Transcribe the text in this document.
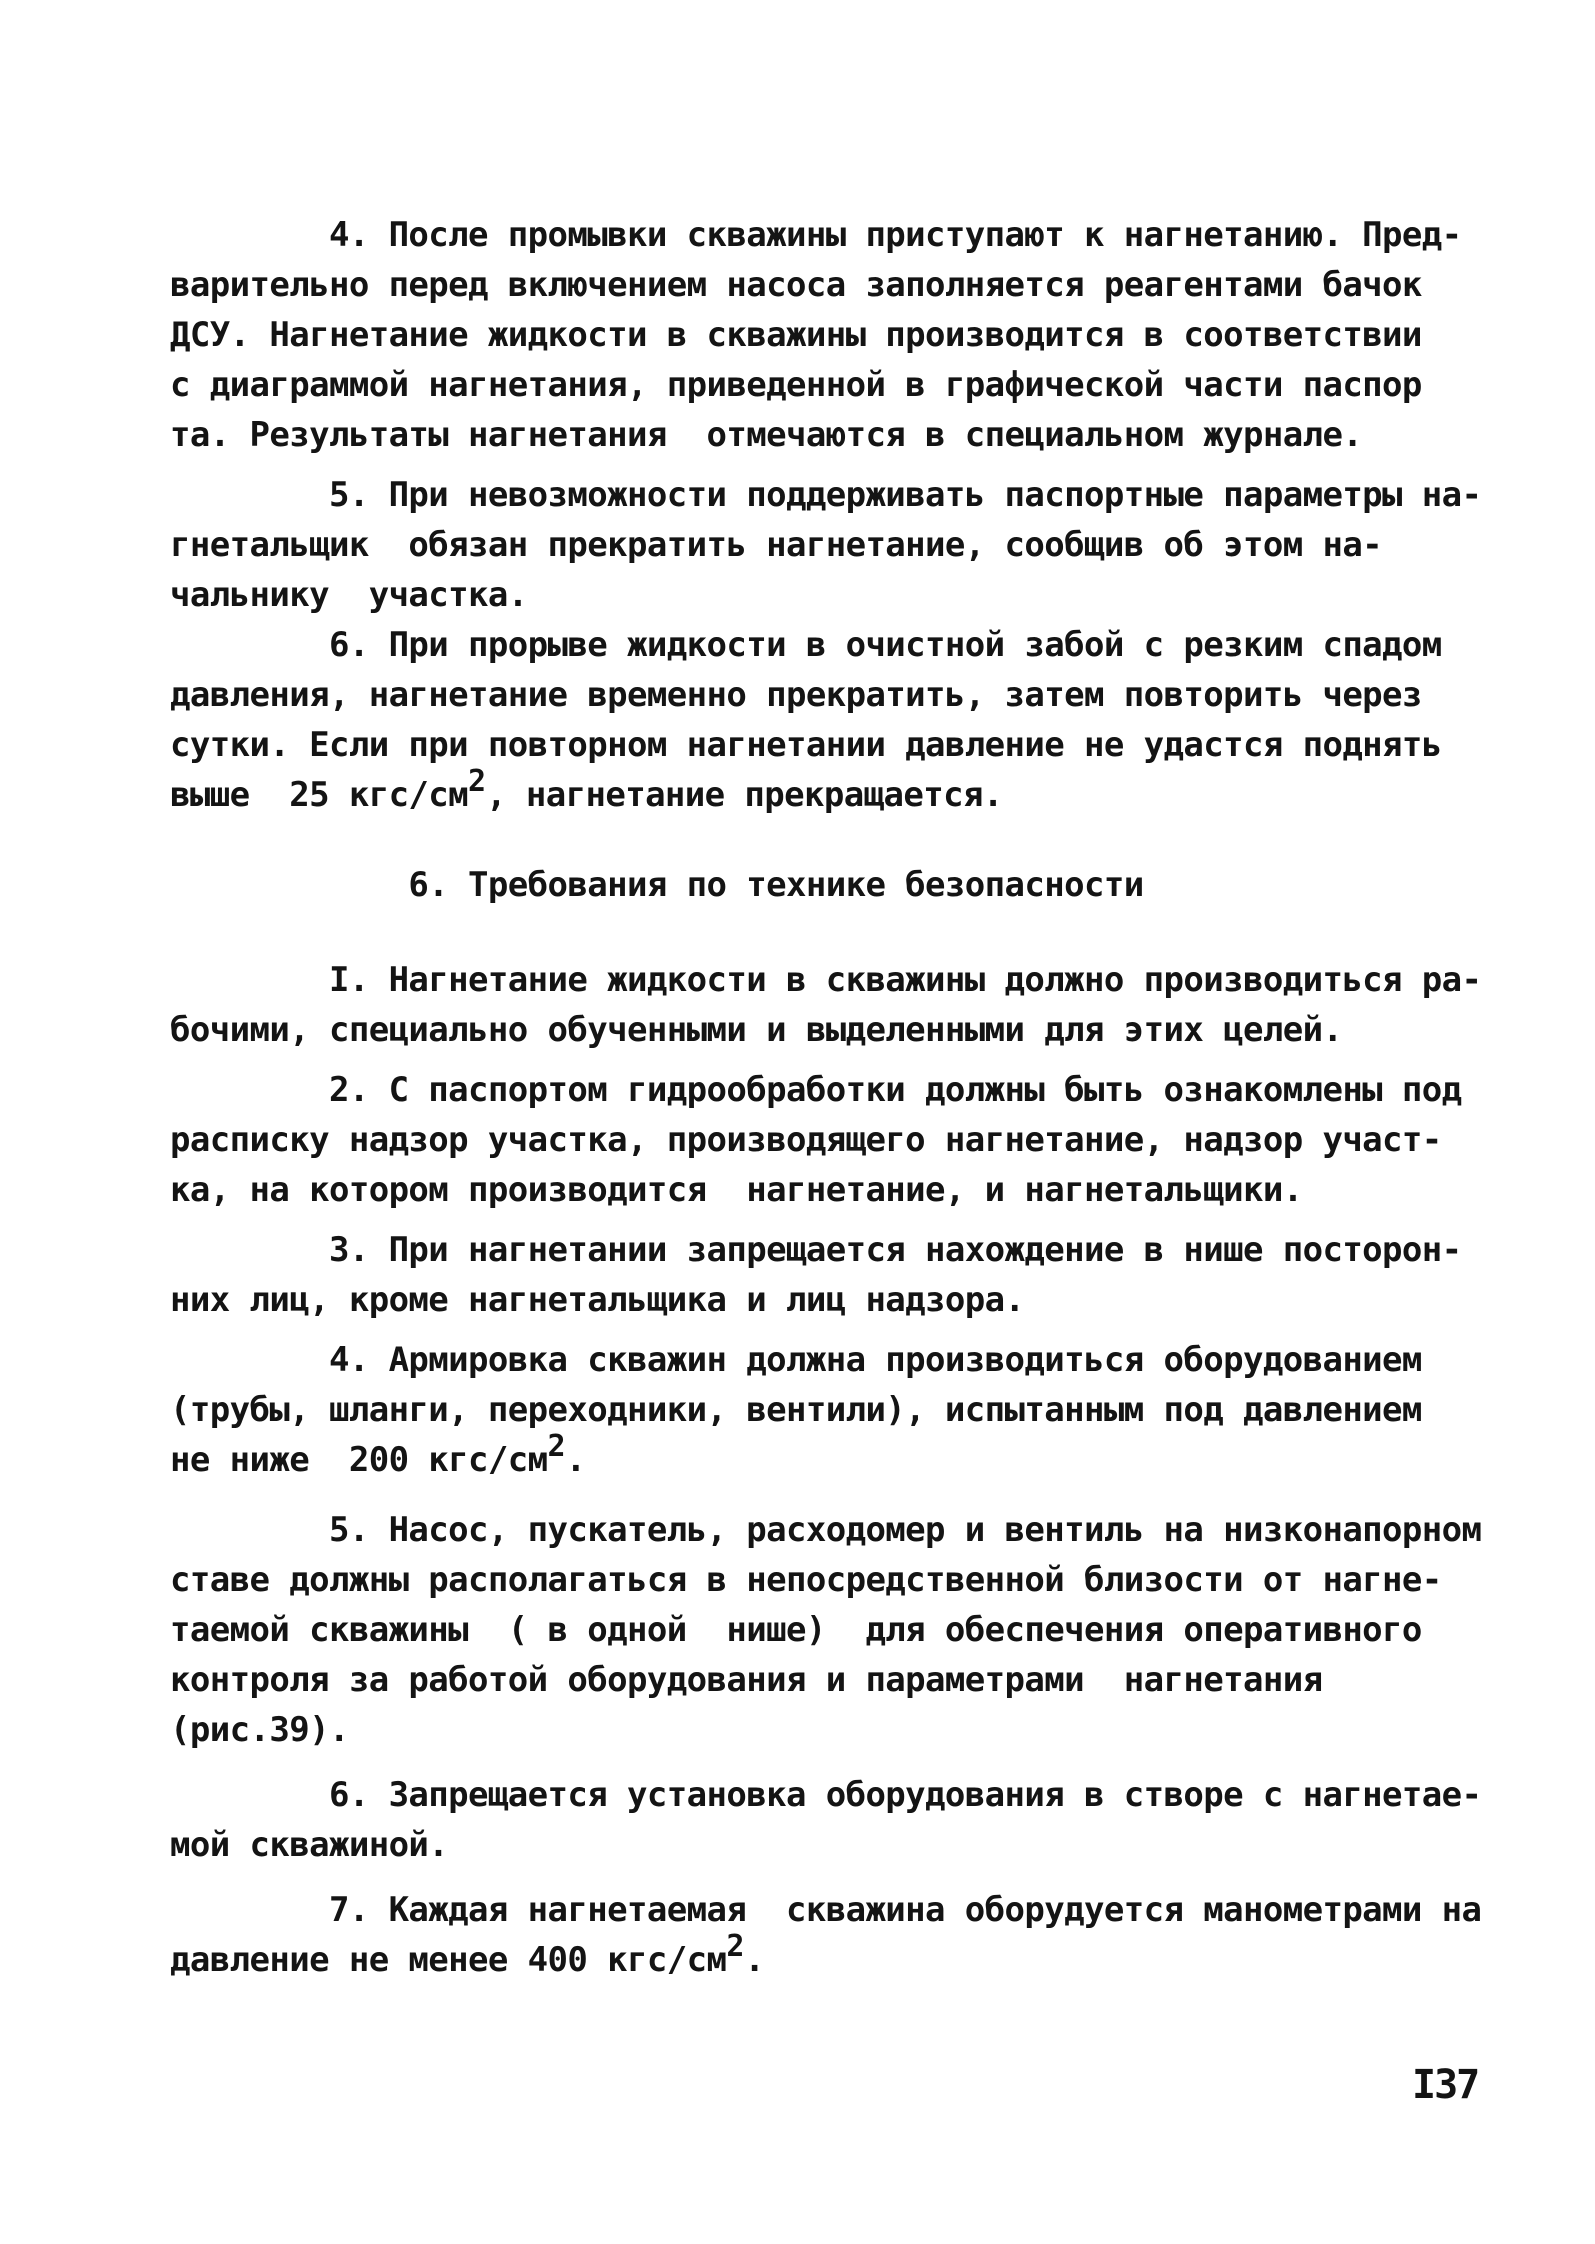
4. После промывки скважины приступают к нагнетанию. Пред-

варительно перед включением насоса заполняется реагентами бачок

ДСУ. Нагнетание жидкости в скважины производится в соответствии

с диаграммой нагнетания, приведенной в графической части паспор

та. Результаты нагнетания  отмечаются в специальном журнале.

5. При невозможности поддерживать паспортные параметры на-

гнетальщик  обязан прекратить нагнетание, сообщив об этом на-

чальнику  участка.

6. При прорыве жидкости в очистной забой с резким спадом

давления, нагнетание временно прекратить, затем повторить через

сутки. Если при повторном нагнетании давление не удастся поднять

выше  25 кгс/см2, нагнетание прекращается.

6. Требования по технике безопасности

I. Нагнетание жидкости в скважины должно производиться ра-

бочими, специально обученными и выделенными для этих целей.

2. С паспортом гидрообработки должны быть ознакомлены под

расписку надзор участка, производящего нагнетание, надзор участ-

ка, на котором производится  нагнетание, и нагнетальщики.

3. При нагнетании запрещается нахождение в нише посторон-

них лиц, кроме нагнетальщика и лиц надзора.

4. Армировка скважин должна производиться оборудованием

(трубы, шланги, переходники, вентили), испытанным под давлением

не ниже  200 кгс/см2.

5. Насос, пускатель, расходомер и вентиль на низконапорном

ставе должны располагаться в непосредственной близости от нагне-

таемой скважины  ( в одной  нише)  для обеспечения оперативного

контроля за работой оборудования и параметрами  нагнетания

(рис.39).

6. Запрещается установка оборудования в створе с нагнетае-

мой скважиной.

7. Каждая нагнетаемая  скважина оборудуется манометрами на

давление не менее 400 кгс/см2.

I37
